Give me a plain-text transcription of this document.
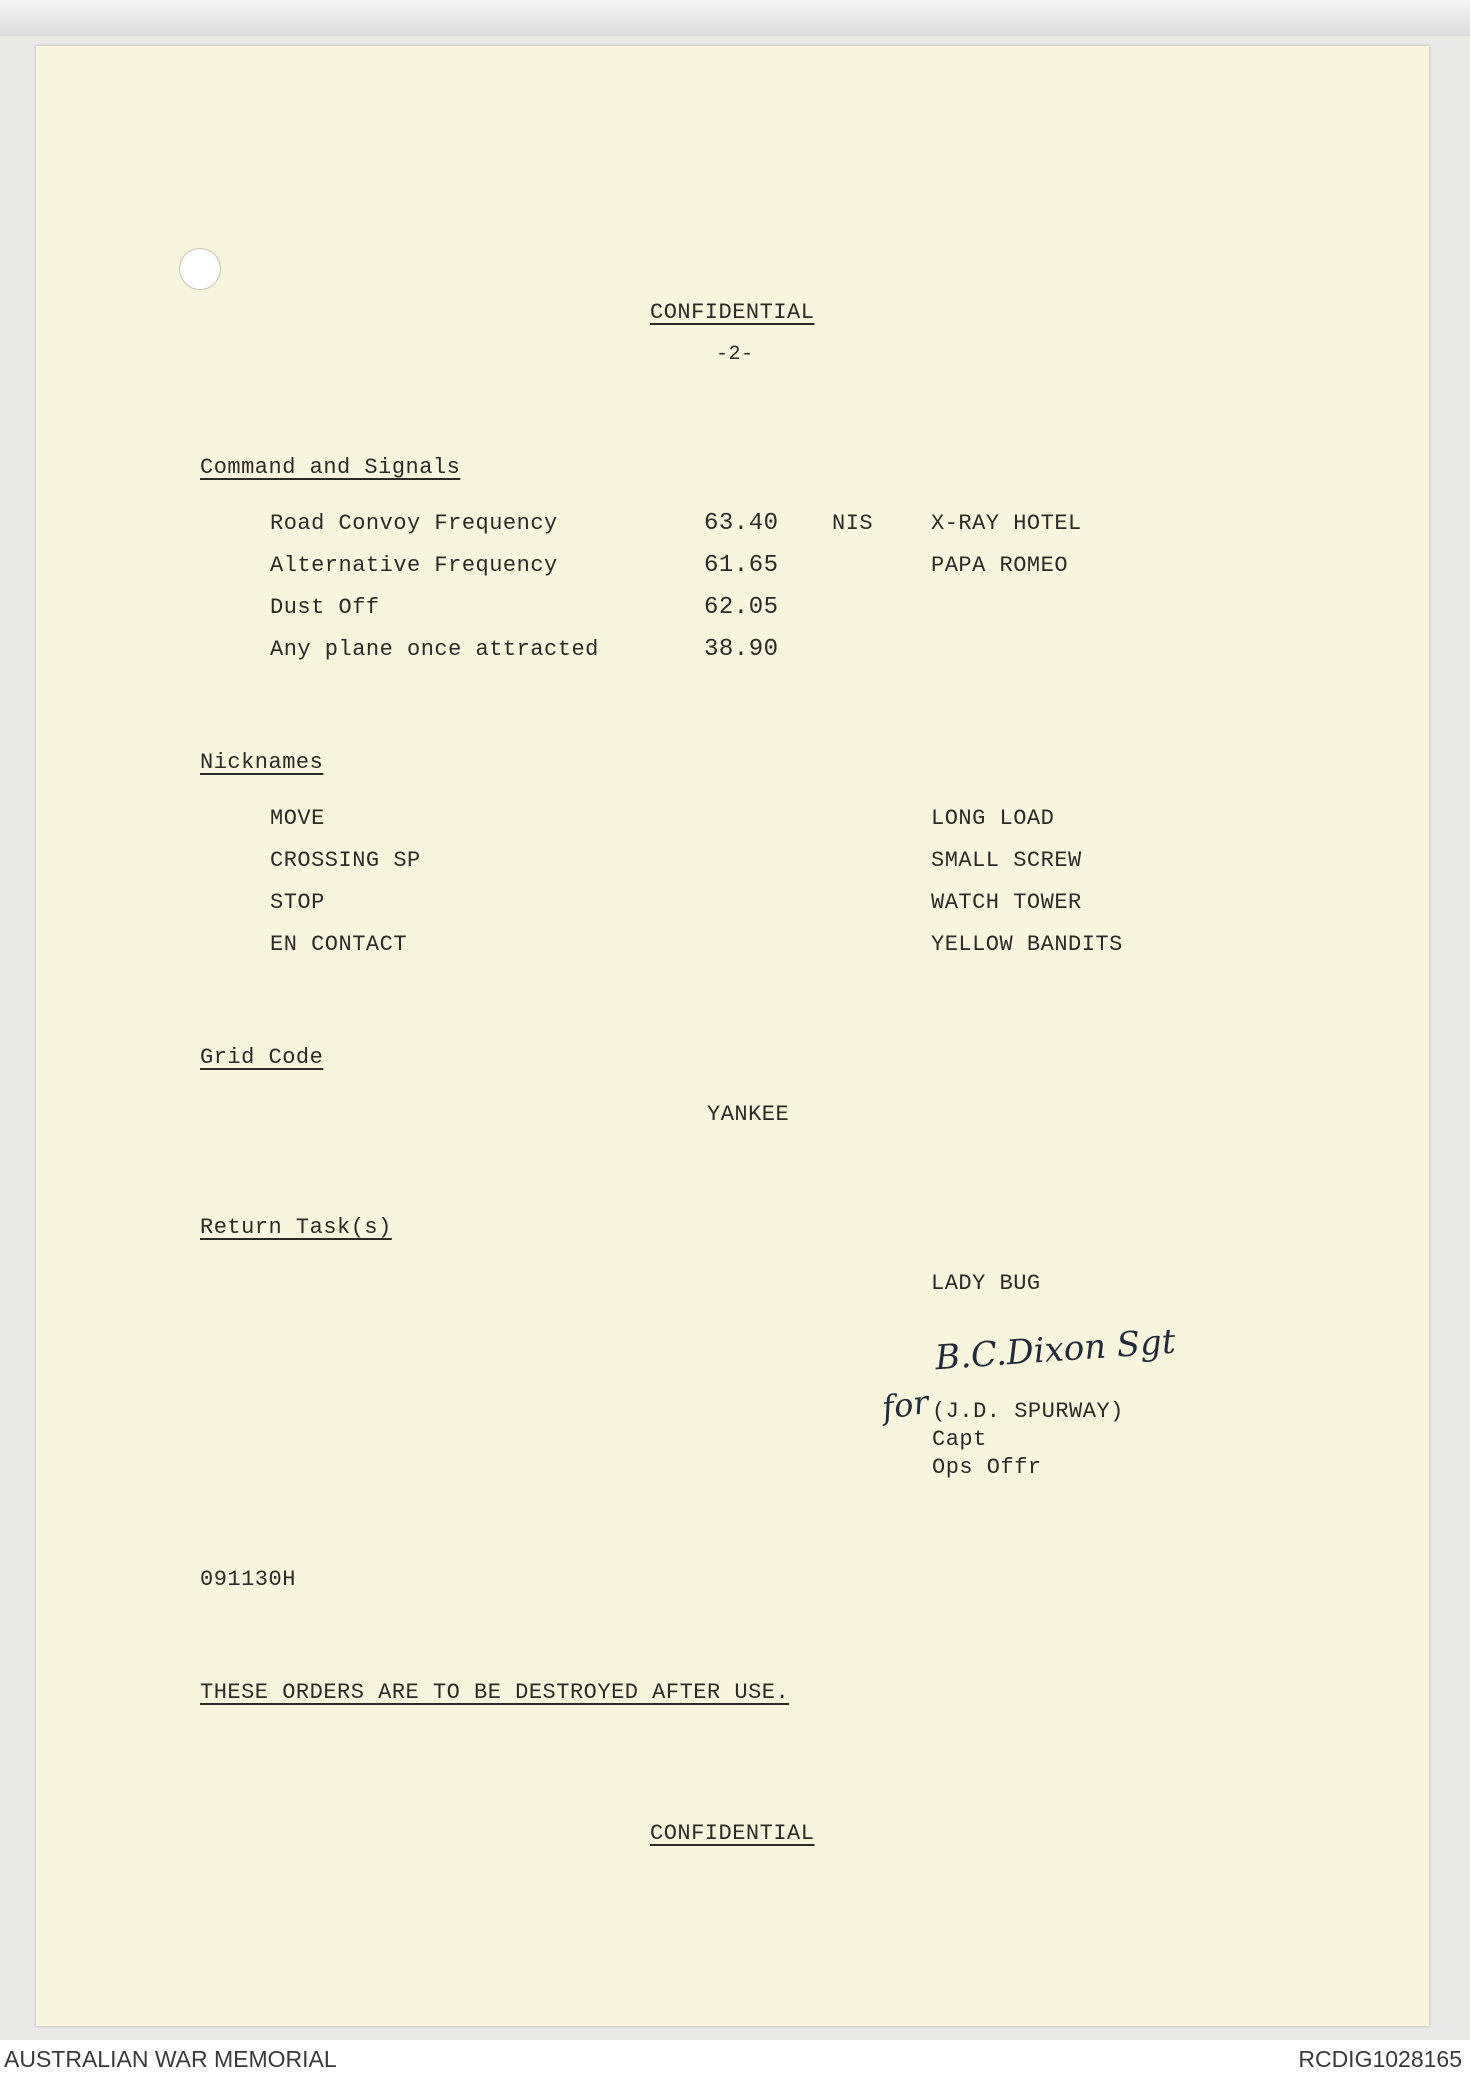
CONFIDENTIAL
-2-
Command and Signals
Road Convoy Frequency	63.40 NIS	X-RAY HOTEL
Alternative Frequency	61.65	PAPA ROMEO
Dust Off	62.05
Any plane once attracted	38.90
Nicknames
MOVE	LONG LOAD
CROSSING SP	SMALL SCREW
STOP	WATCH TOWER
EN CONTACT	YELLOW BANDITS
Grid Code
YANKEE
Return Task(s)
LADY BUG
B.C.Dixon Sgt
for (J.D. SPURWAY)
Capt
Ops Offr
091130H
THESE ORDERS ARE TO BE DESTROYED AFTER USE.
CONFIDENTIAL
AUSTRALIAN WAR MEMORIAL	RCDIG1028165
